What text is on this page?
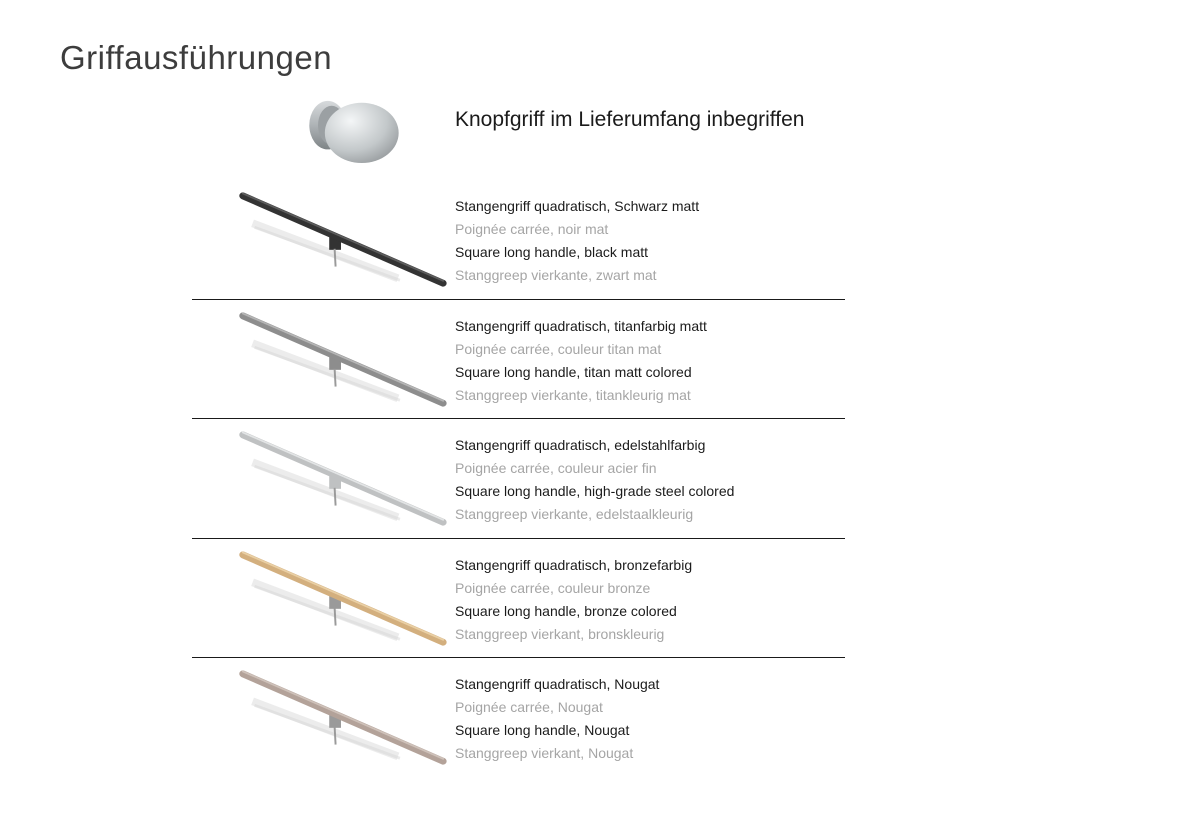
Griffausführungen
Knopfgriff im Lieferumfang inbegriffen
Stangengriff quadratisch, Schwarz matt
Poignée carrée, noir mat
Square long handle, black matt
Stanggreep vierkante, zwart mat
Stangengriff quadratisch, titanfarbig matt
Poignée carrée, couleur titan mat
Square long handle, titan matt colored
Stanggreep vierkante, titankleurig mat
Stangengriff quadratisch, edelstahlfarbig
Poignée carrée, couleur acier fin
Square long handle, high-grade steel colored
Stanggreep vierkante, edelstaalkleurig
Stangengriff quadratisch, bronzefarbig
Poignée carrée, couleur bronze
Square long handle, bronze colored
Stanggreep vierkant, bronskleurig
Stangengriff quadratisch, Nougat
Poignée carrée, Nougat
Square long handle, Nougat
Stanggreep vierkant, Nougat
